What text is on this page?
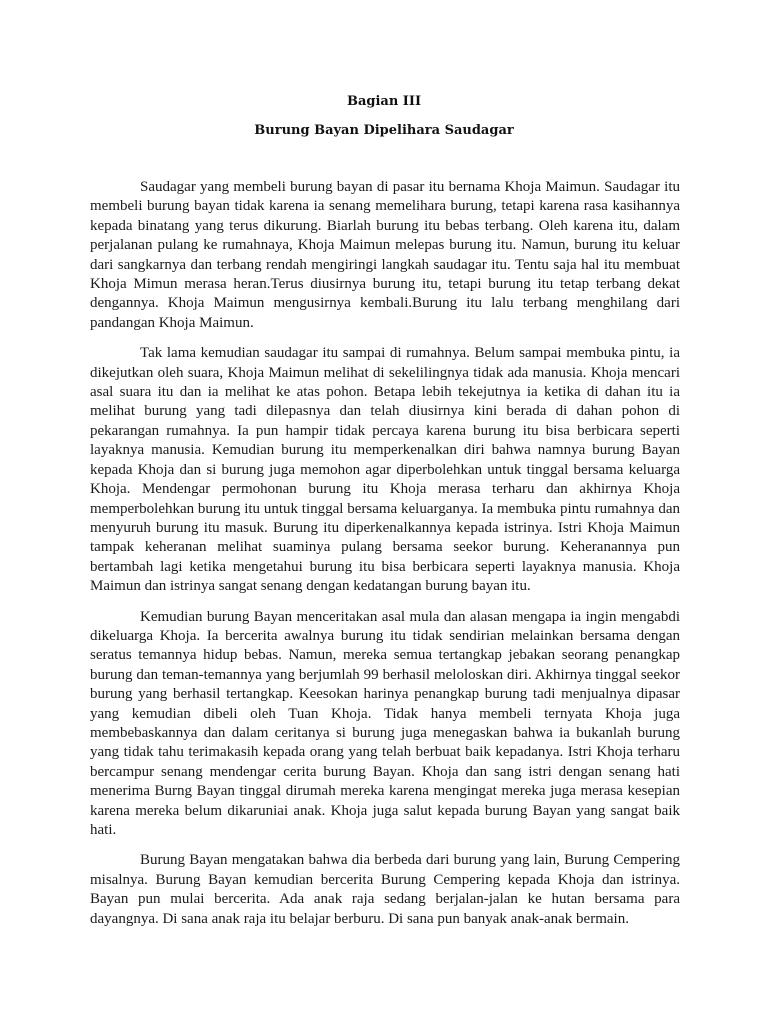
Bagian III

Burung Bayan Dipelihara Saudagar

Saudagar yang membeli burung bayan di pasar itu bernama Khoja Maimun. Saudagar itu membeli burung bayan tidak karena ia senang memelihara burung, tetapi karena rasa kasihannya kepada binatang yang terus dikurung. Biarlah burung itu bebas terbang. Oleh karena itu, dalam perjalanan pulang ke rumahnaya, Khoja Maimun melepas burung itu. Namun, burung itu keluar dari sangkarnya dan terbang rendah mengiringi langkah saudagar itu. Tentu saja hal itu membuat Khoja Mimun merasa heran.Terus diusirnya burung itu, tetapi burung itu tetap terbang dekat dengannya. Khoja Maimun mengusirnya kembali.Burung itu lalu terbang menghilang dari pandangan Khoja Maimun.

Tak lama kemudian saudagar itu sampai di rumahnya. Belum sampai membuka pintu, ia dikejutkan oleh suara, Khoja Maimun melihat di sekelilingnya tidak ada manusia. Khoja mencari asal suara itu dan ia melihat ke atas pohon. Betapa lebih tekejutnya ia ketika di dahan itu ia melihat burung yang tadi dilepasnya dan telah diusirnya kini berada di dahan pohon di pekarangan rumahnya. Ia pun hampir tidak percaya karena burung itu bisa berbicara seperti layaknya manusia. Kemudian burung itu memperkenalkan diri bahwa namnya burung Bayan kepada Khoja dan si burung juga memohon agar diperbolehkan untuk tinggal bersama keluarga Khoja. Mendengar permohonan burung itu Khoja merasa terharu dan akhirnya Khoja memperbolehkan burung itu untuk tinggal bersama keluarganya. Ia membuka pintu rumahnya dan menyuruh burung itu masuk. Burung itu diperkenalkannya kepada istrinya. Istri Khoja Maimun tampak keheranan melihat suaminya pulang bersama seekor burung. Keheranannya pun bertambah lagi ketika mengetahui burung itu bisa berbicara seperti layaknya manusia. Khoja Maimun dan istrinya sangat senang dengan kedatangan burung bayan itu.

Kemudian burung Bayan menceritakan asal mula dan alasan mengapa ia ingin mengabdi dikeluarga Khoja. Ia bercerita awalnya burung itu tidak sendirian melainkan bersama dengan seratus temannya hidup bebas. Namun, mereka semua tertangkap jebakan seorang penangkap burung dan teman-temannya yang berjumlah 99 berhasil meloloskan diri. Akhirnya tinggal seekor burung yang berhasil tertangkap. Keesokan harinya penangkap burung tadi menjualnya dipasar yang kemudian dibeli oleh Tuan Khoja. Tidak hanya membeli ternyata Khoja juga membebaskannya dan dalam ceritanya si burung juga menegaskan bahwa ia bukanlah burung yang tidak tahu terimakasih kepada orang yang telah berbuat baik kepadanya. Istri Khoja terharu bercampur senang mendengar cerita burung Bayan. Khoja dan sang istri dengan senang hati menerima Burng Bayan tinggal dirumah mereka karena mengingat mereka juga merasa kesepian karena mereka belum dikaruniai anak. Khoja juga salut kepada burung Bayan yang sangat baik hati.

Burung Bayan mengatakan bahwa dia berbeda dari burung yang lain, Burung Cempering misalnya. Burung Bayan kemudian bercerita Burung Cempering kepada Khoja dan istrinya. Bayan pun mulai bercerita. Ada anak raja sedang berjalan-jalan ke hutan bersama para dayangnya. Di sana anak raja itu belajar berburu. Di sana pun banyak anak-anak bermain.
